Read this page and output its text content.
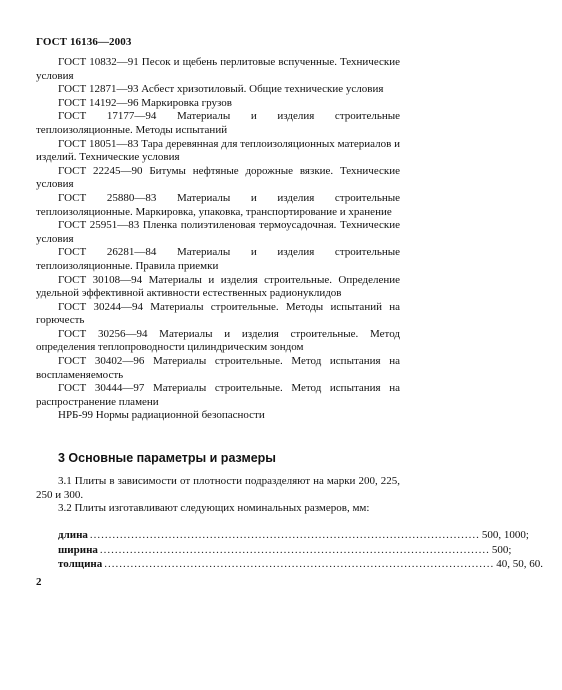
ГОСТ 16136—2003

ГОСТ 10832—91 Песок и щебень перлитовые вспученные. Технические условия

ГОСТ 12871—93 Асбест хризотиловый. Общие технические условия

ГОСТ 14192—96 Маркировка грузов

ГОСТ 17177—94 Материалы и изделия строительные теплоизоляционные. Методы испытаний

ГОСТ 18051—83 Тара деревянная для теплоизоляционных материалов и изделий. Технические условия

ГОСТ 22245—90 Битумы нефтяные дорожные вязкие. Технические условия

ГОСТ 25880—83 Материалы и изделия строительные теплоизоляционные. Маркировка, упаковка, транспортирование и хранение

ГОСТ 25951—83 Пленка полиэтиленовая термоусадочная. Технические условия

ГОСТ 26281—84 Материалы и изделия строительные теплоизоляционные. Правила приемки

ГОСТ 30108—94 Материалы и изделия строительные. Определение удельной эффективной активности естественных радионуклидов

ГОСТ 30244—94 Материалы строительные. Методы испытаний на горючесть

ГОСТ 30256—94 Материалы и изделия строительные. Метод определения теплопроводности цилиндрическим зондом

ГОСТ 30402—96 Материалы строительные. Метод испытания на воспламеняемость

ГОСТ 30444—97 Материалы строительные. Метод испытания на распространение пламени

НРБ-99 Нормы радиационной безопасности

3 Основные параметры и размеры

3.1 Плиты в зависимости от плотности подразделяют на марки 200, 225, 250 и 300.

3.2 Плиты изготавливают следующих номинальных размеров, мм:

длина ........................................................................................................ 500, 1000;
ширина ........................................................................................................ 500;
толщина ........................................................................................................ 40, 50, 60.
2
